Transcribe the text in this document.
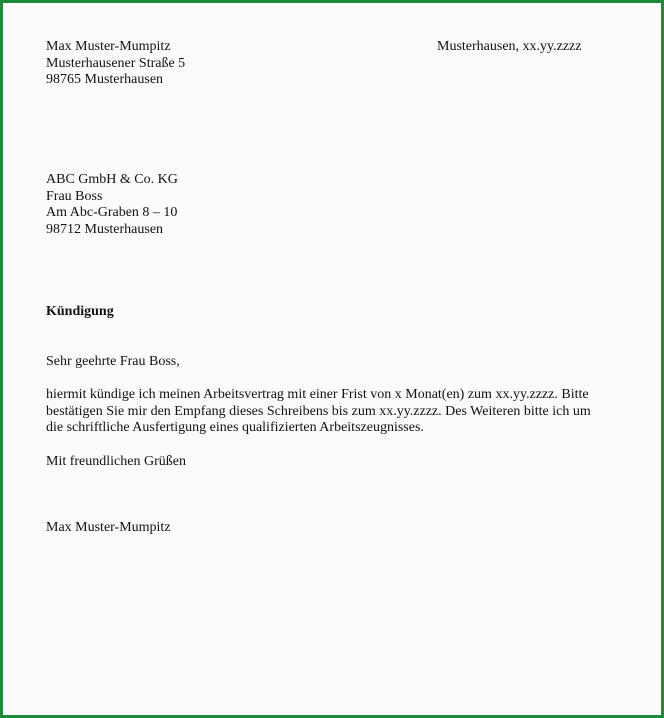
Max Muster-Mumpitz
Musterhausener Straße 5
98765 Musterhausen
Musterhausen, xx.yy.zzzz
ABC GmbH & Co. KG
Frau Boss
Am Abc-Graben 8 – 10
98712 Musterhausen
Kündigung
Sehr geehrte Frau Boss,
hiermit kündige ich meinen Arbeitsvertrag mit einer Frist von x Monat(en) zum xx.yy.zzzz. Bitte
bestätigen Sie mir den Empfang dieses Schreibens bis zum xx.yy.zzzz. Des Weiteren bitte ich um
die schriftliche Ausfertigung eines qualifizierten Arbeitszeugnisses.
Mit freundlichen Grüßen
Max Muster-Mumpitz
